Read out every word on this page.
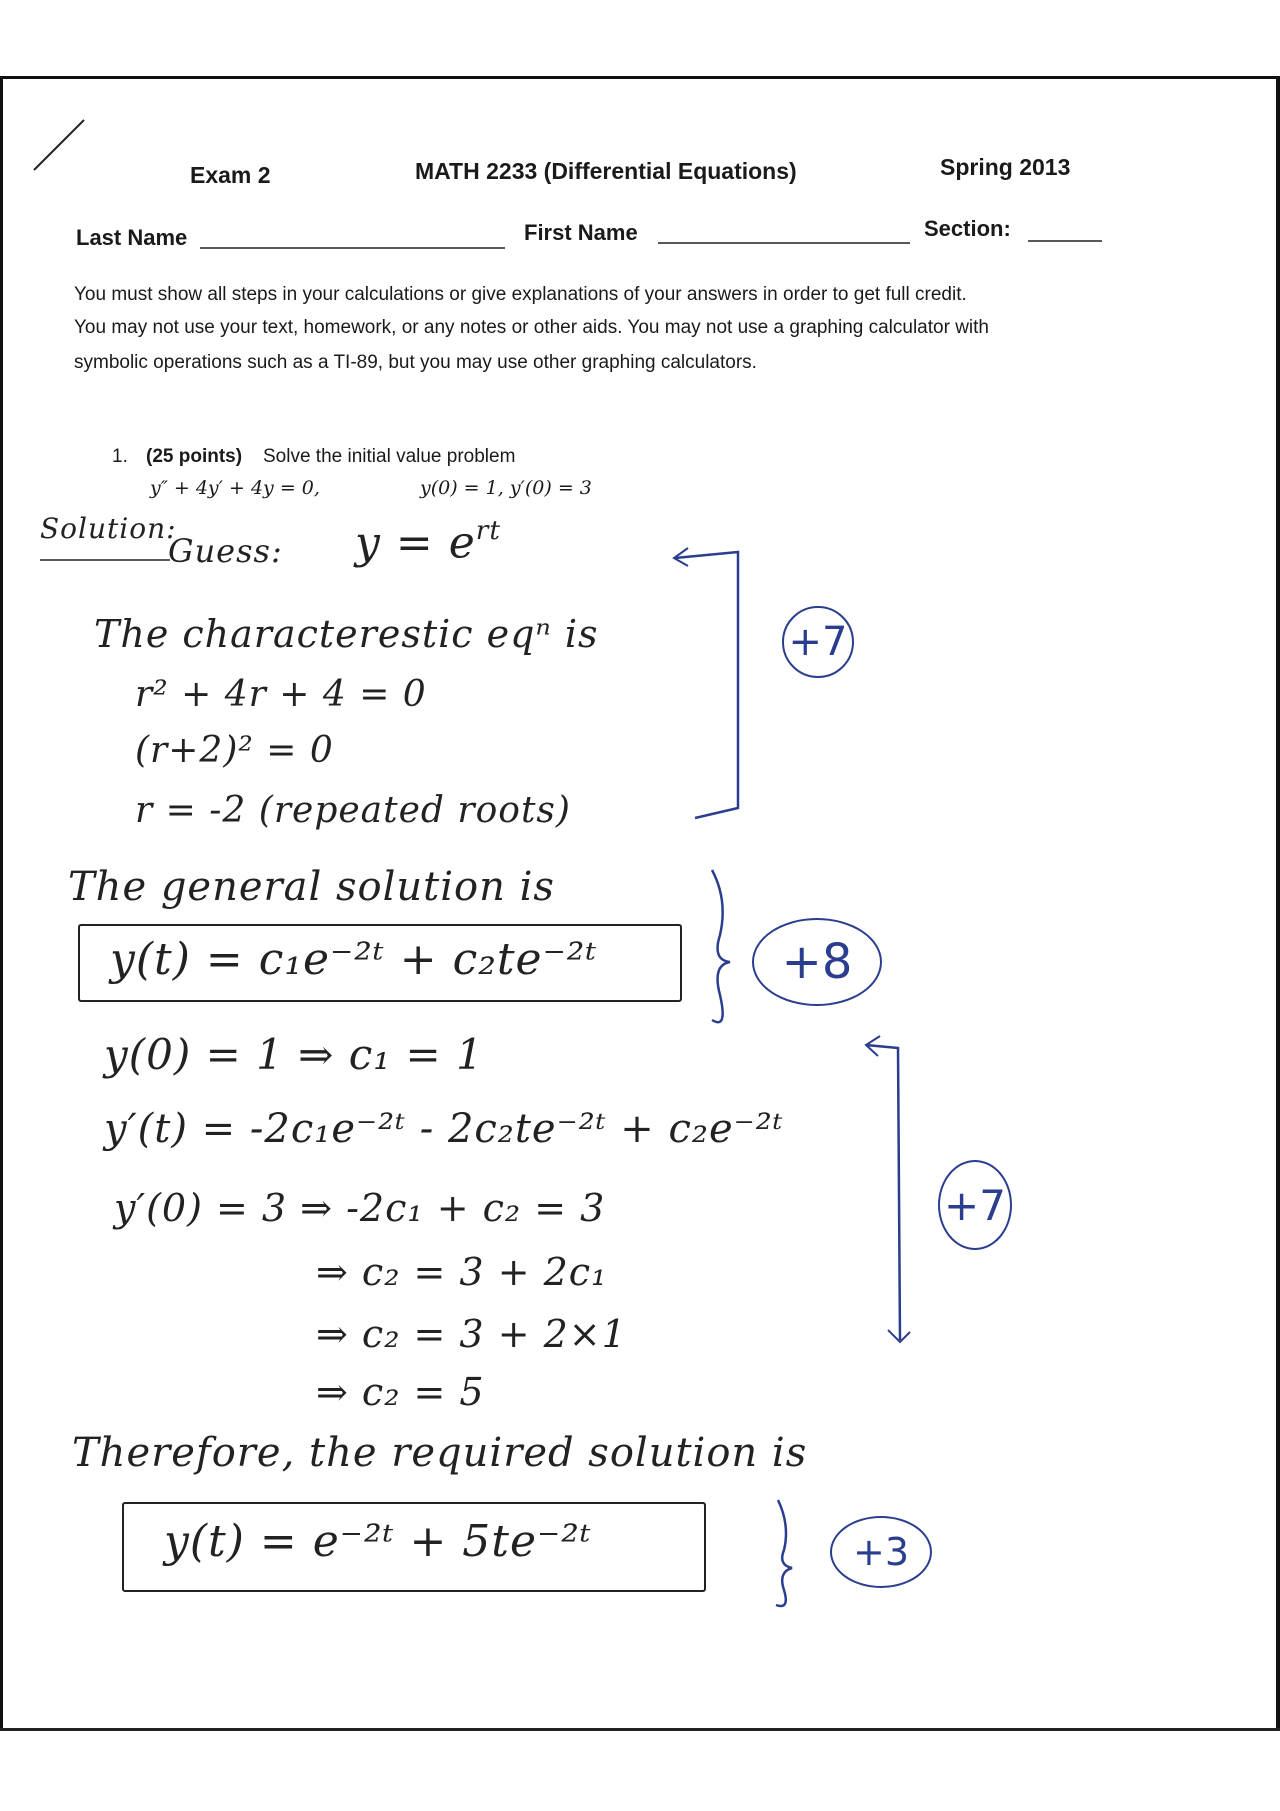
Exam 2	MATH 2233 (Differential Equations)	Spring 2013
Last Name	First Name	Section:
You must show all steps in your calculations or give explanations of your answers in order to get full credit.
You may not use your text, homework, or any notes or other aids. You may not use a graphing calculator with
symbolic operations such as a TI-89, but you may use other graphing calculators.
1. (25 points) Solve the initial value problem
y″ + 4y′ + 4y = 0,	y(0) = 1, y′(0) = 3
Solution:
Guess: $y = e^{rt}$
The characterestic eqⁿ is
r² + 4r + 4 = 0
(r+2)² = 0
r = -2 (repeated roots)
The general solution is
y(t) = c₁e⁻²ᵗ + c₂te⁻²ᵗ
y(0) = 1 ⇒ c₁ = 1
y′(t) = -2c₁e⁻²ᵗ - 2c₂te⁻²ᵗ + c₂e⁻²ᵗ
y′(0) = 3 ⇒ -2c₁ + c₂ = 3
⇒ c₂ = 3 + 2c₁
⇒ c₂ = 3 + 2×1
⇒ c₂ = 5
Therefore, the required solution is
y(t) = e⁻²ᵗ + 5te⁻²ᵗ
+7
+8
+7
+3
